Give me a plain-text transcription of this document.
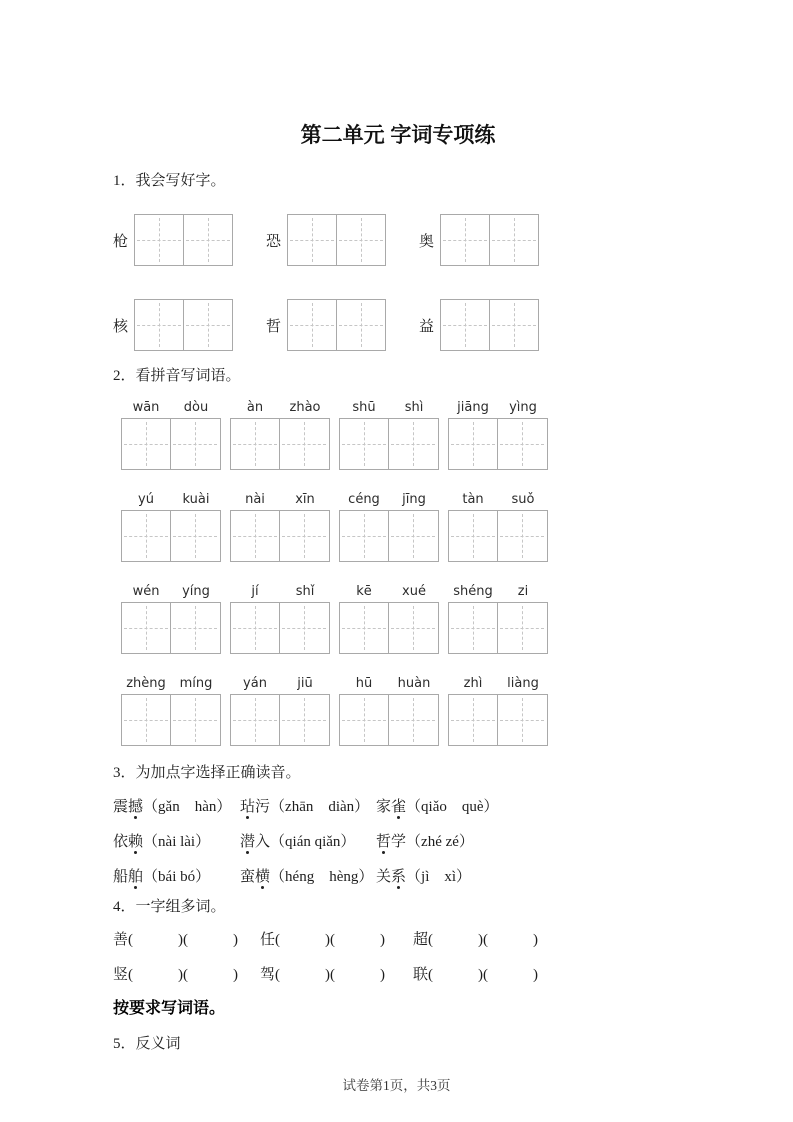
第二单元 字词专项练
1．我会写好字。
枪	恐	奥
核	哲	益
2．看拼音写词语。
wān	dòu	àn	zhào	shū	shì	jiāng	yìng
yú	kuài	nài	xīn	céng	jīng	tàn	suǒ
wén	yíng	jí	shǐ	kē	xué	shéng	zi
zhèng	míng	yán	jiū	hū	huàn	zhì	liàng
3．为加点字选择正确读音。
震撼（gǎn　hàn） 玷污（zhān　diàn） 家雀（qiǎo　què）
依赖（nài lài）	潜入（qián qiǎn）	哲学（zhé zé）
船舶（bái bó）	蛮横（héng　hèng） 关系（jì　xì）
4．一字组多词。
善(　　　)(　　　)	任(　　　)(　　　)	超(　　　)(　　　)
竖(　　　)(　　　)	驾(　　　)(　　　)	联(　　　)(　　　)
按要求写词语。
5．反义词
试卷第1页，共3页
